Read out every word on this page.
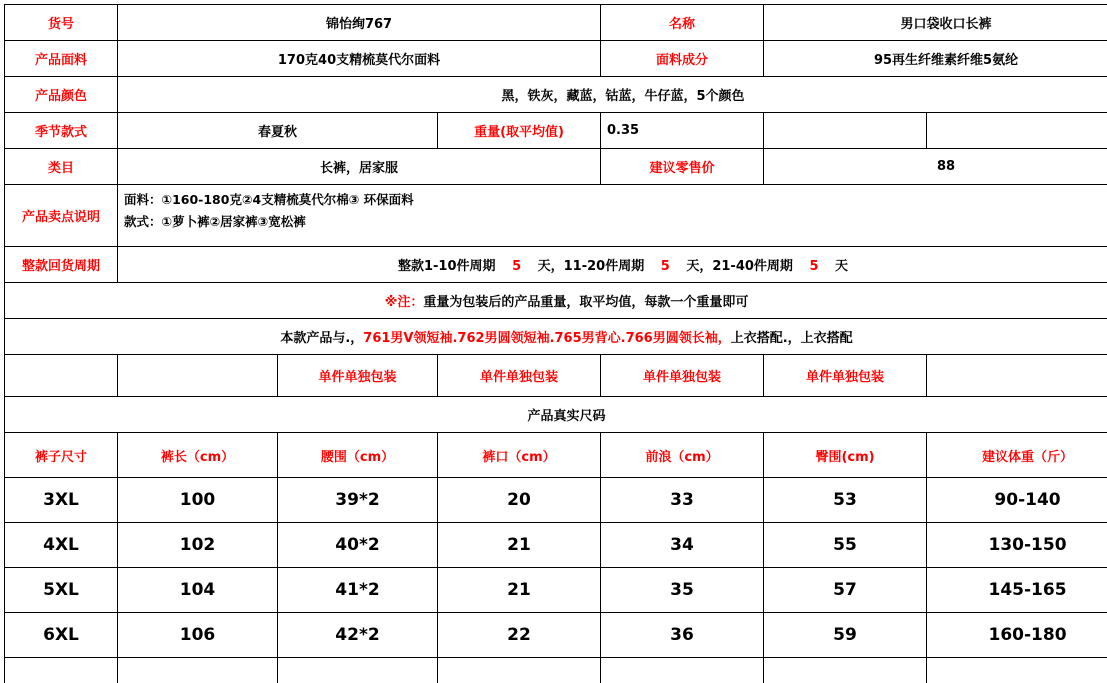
货号	锦怡绚767			名称	男口袋收口长裤	
产品面料	170克40支精梳莫代尔面料			面料成分	95再生纤维素纤维5氨纶	
产品颜色	黑，铁灰，藏蓝，钴蓝，牛仔蓝，5个颜色					
季节款式	春夏秋		重量(取平均值)	0.35		
类目	长裤，居家服			建议零售价	88	
产品卖点说明	面料：①160-180克②4支精梳莫代尔棉③ 环保面料
款式：①萝卜裤②居家裤③宽松裤					

整款回货周期	整款1-10件周期 5 天，11-20件周期 5 天，21-40件周期 5 天					
※注：重量为包装后的产品重量，取平均值，每款一个重量即可						
本款产品与.，761男V领短袖.762男圆领短袖.765男背心.766男圆领长袖，上衣搭配.，上衣搭配						
		单件单独包装	单件单独包装	单件单独包装	单件单独包装	
产品真实尺码						
裤子尺寸	裤长（cm）	腰围（cm）	裤口（cm）	前浪（cm）	臀围(cm)	建议体重（斤）
3XL	100	39*2	20	33	53	90-140
4XL	102	40*2	21	34	55	130-150
5XL	104	41*2	21	35	57	145-165
6XL	106	42*2	22	36	59	160-180
